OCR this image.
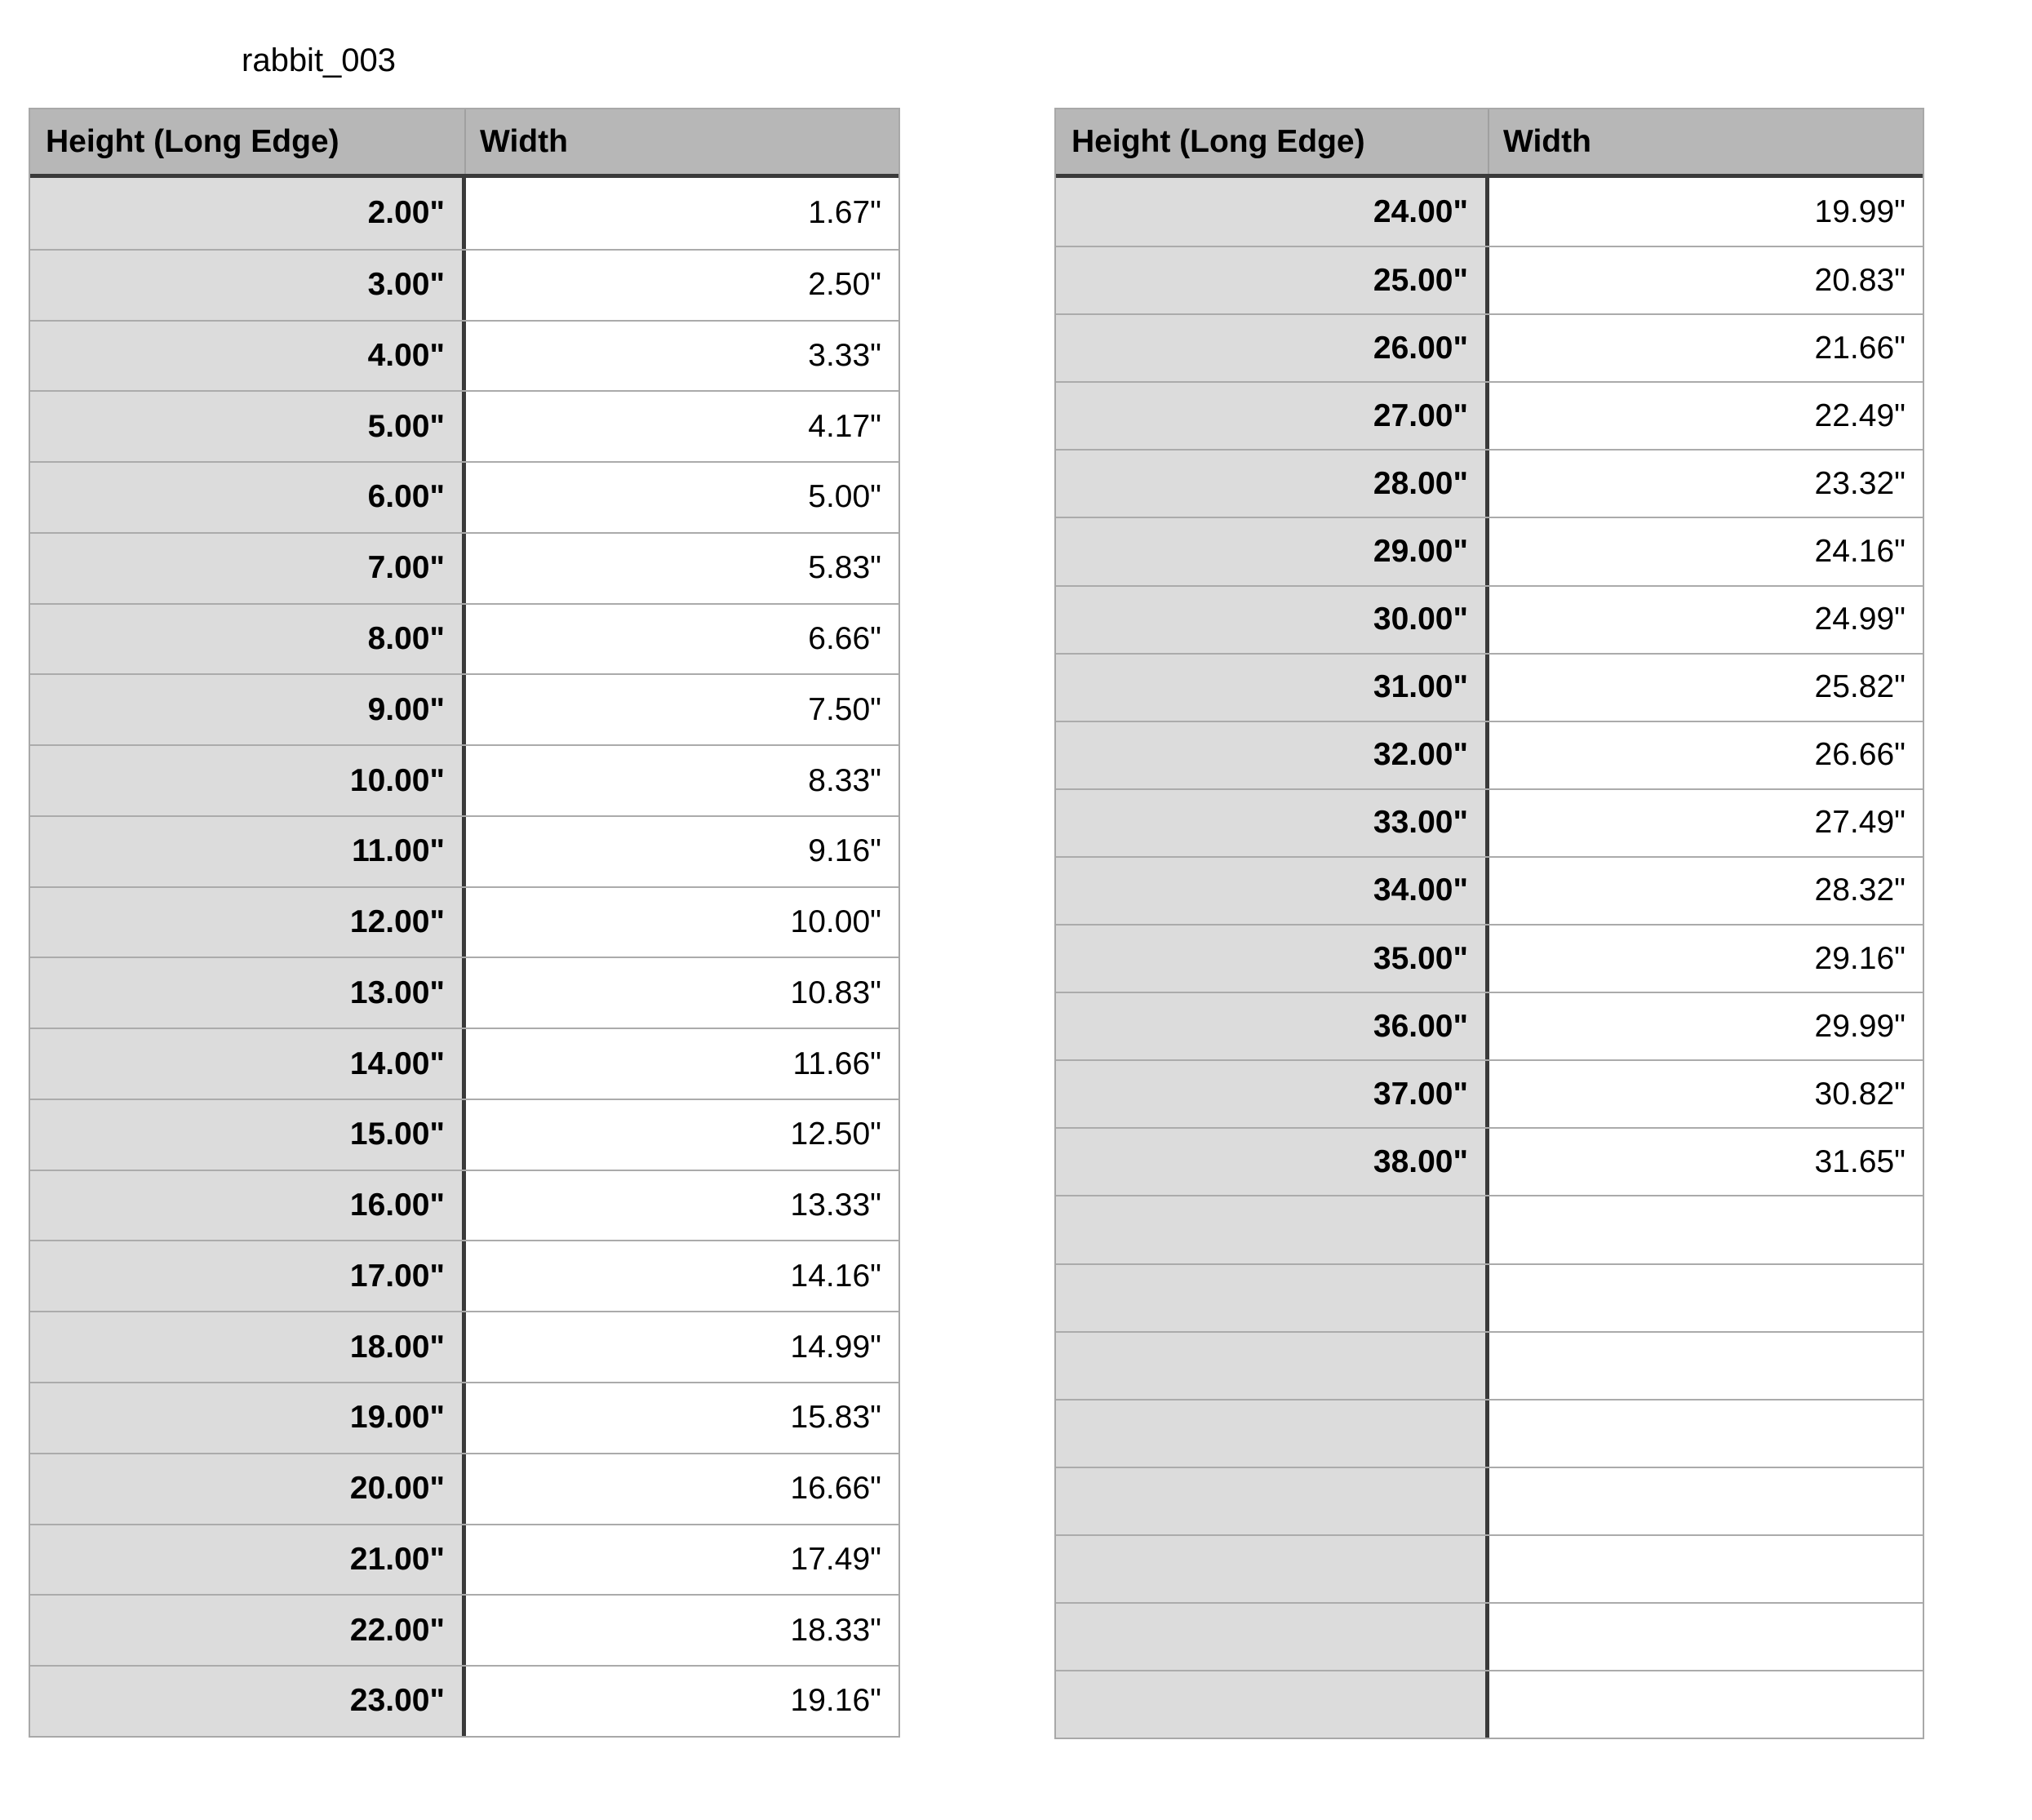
rabbit_003
Height (Long Edge)	Width
2.00"	1.67"
3.00"	2.50"
4.00"	3.33"
5.00"	4.17"
6.00"	5.00"
7.00"	5.83"
8.00"	6.66"
9.00"	7.50"
10.00"	8.33"
11.00"	9.16"
12.00"	10.00"
13.00"	10.83"
14.00"	11.66"
15.00"	12.50"
16.00"	13.33"
17.00"	14.16"
18.00"	14.99"
19.00"	15.83"
20.00"	16.66"
21.00"	17.49"
22.00"	18.33"
23.00"	19.16"
Height (Long Edge)	Width
24.00"	19.99"
25.00"	20.83"
26.00"	21.66"
27.00"	22.49"
28.00"	23.32"
29.00"	24.16"
30.00"	24.99"
31.00"	25.82"
32.00"	26.66"
33.00"	27.49"
34.00"	28.32"
35.00"	29.16"
36.00"	29.99"
37.00"	30.82"
38.00"	31.65"
